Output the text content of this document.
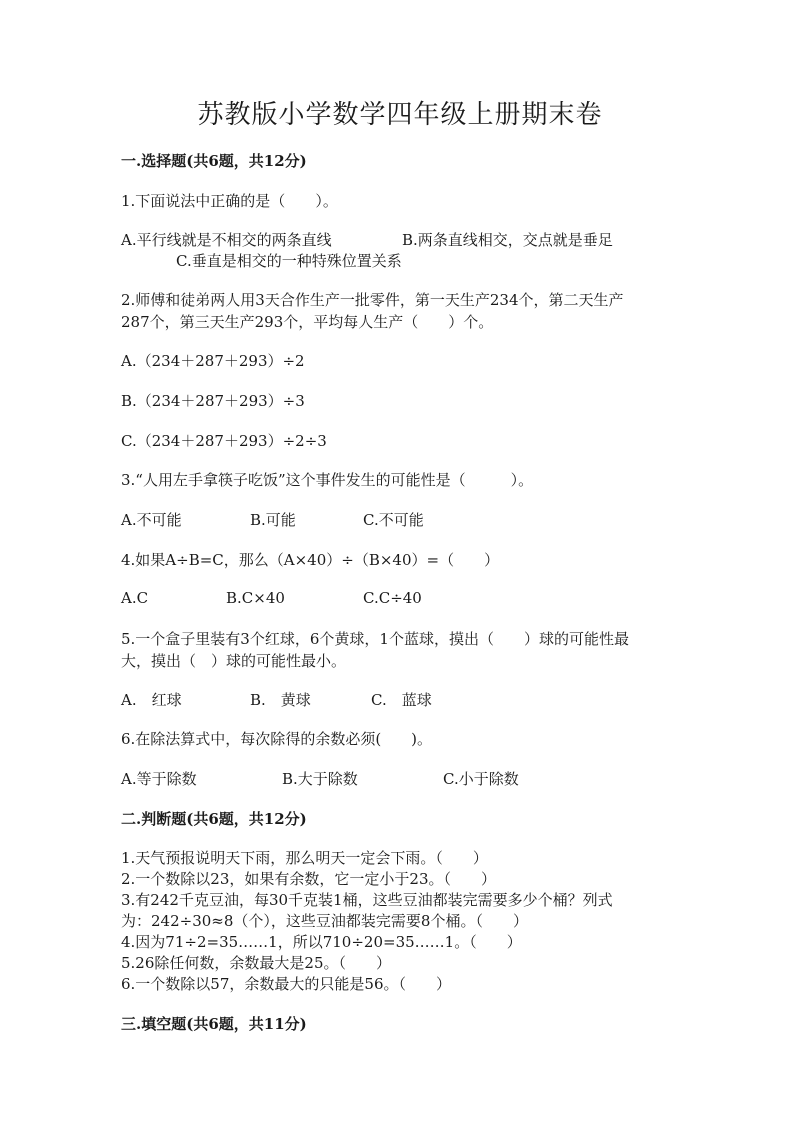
苏教版小学数学四年级上册期末卷
一.选择题(共6题，共12分)
1.下面说法中正确的是（　　）。
A.平行线就是不相交的两条直线	B.两条直线相交，交点就是垂足
C.垂直是相交的一种特殊位置关系
2.师傅和徒弟两人用3天合作生产一批零件，第一天生产234个，第二天生产
287个，第三天生产293个，平均每人生产（　　）个。
A.（234＋287＋293）÷2
B.（234＋287＋293）÷3
C.（234＋287＋293）÷2÷3
3.“人用左手拿筷子吃饭”这个事件发生的可能性是（　　　）。
A.不可能	B.可能	C.不可能
4.如果A÷B=C，那么（A×40）÷（B×40）=（　　）
A.C	B.C×40	C.C÷40
5.一个盒子里装有3个红球，6个黄球，1个蓝球，摸出（　　）球的可能性最
大，摸出（　）球的可能性最小。
A.　红球	B.　黄球	C.　蓝球
6.在除法算式中，每次除得的余数必须(　　)。
A.等于除数	B.大于除数	C.小于除数
二.判断题(共6题，共12分)
1.天气预报说明天下雨，那么明天一定会下雨。（　　）
2.一个数除以23，如果有余数，它一定小于23。（　　）
3.有242千克豆油，每30千克装1桶，这些豆油都装完需要多少个桶？列式
为：242÷30≈8（个），这些豆油都装完需要8个桶。（　　）
4.因为71÷2=35……1，所以710÷20=35……1。（　　）
5.26除任何数，余数最大是25。（　　）
6.一个数除以57，余数最大的只能是56。（　　）
三.填空题(共6题，共11分)
